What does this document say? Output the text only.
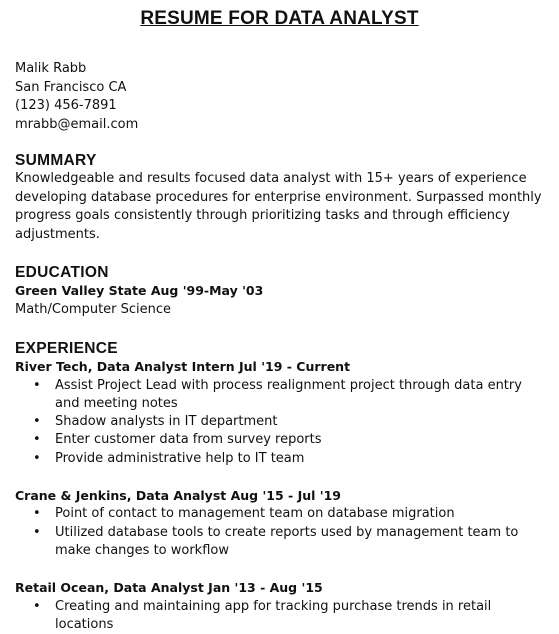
RESUME FOR DATA ANALYST
Malik Rabb
San Francisco CA
(123) 456-7891
mrabb@email.com
SUMMARY
Knowledgeable and results focused data analyst with 15+ years of experience developing database procedures for enterprise environment. Surpassed monthly progress goals consistently through prioritizing tasks and through efficiency adjustments.
EDUCATION
Green Valley State Aug '99-May '03
Math/Computer Science
EXPERIENCE
River Tech, Data Analyst Intern Jul '19 - Current
• Assist Project Lead with process realignment project through data entry and meeting notes
• Shadow analysts in IT department
• Enter customer data from survey reports
• Provide administrative help to IT team
Crane & Jenkins, Data Analyst Aug '15 - Jul '19
• Point of contact to management team on database migration
• Utilized database tools to create reports used by management team to make changes to workflow
Retail Ocean, Data Analyst Jan '13 - Aug '15
• Creating and maintaining app for tracking purchase trends in retail locations
